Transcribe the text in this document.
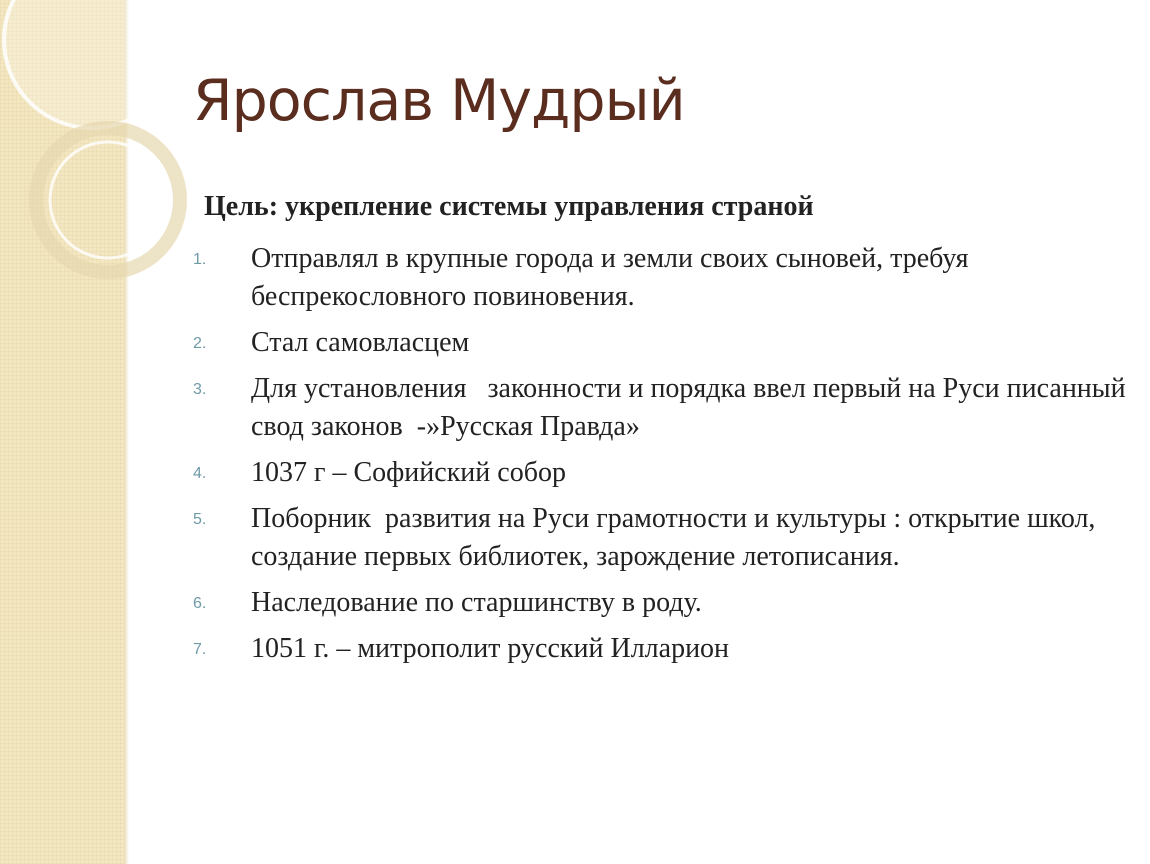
Ярослав Мудрый

Цель: укрепление системы управления страной

1. Отправлял в крупные города и земли своих сыновей, требуя беспрекословного повиновения.
2. Стал самовласцем
3. Для установления   законности и порядка ввел первый на Руси писанный  свод законов  -»Русская Правда»
4. 1037 г – Софийский собор
5. Поборник  развития на Руси грамотности и культуры : открытие школ, создание первых библиотек, зарождение летописания.
6. Наследование по старшинству в роду.
7. 1051 г. – митрополит русский Илларион
